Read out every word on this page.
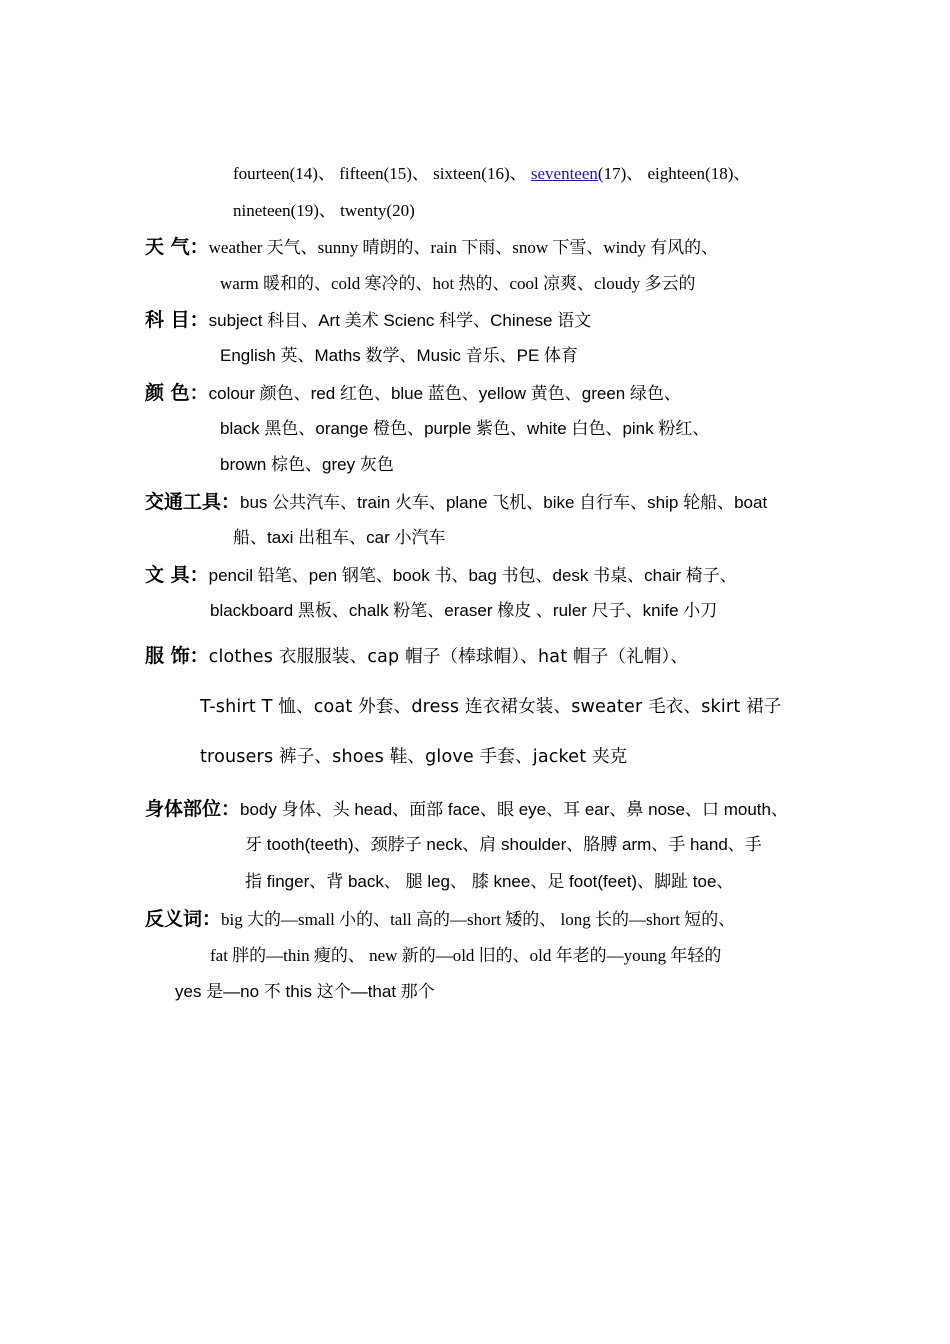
fourteen(14)、 fifteen(15)、 sixteen(16)、 seventeen(17)、 eighteen(18)、
nineteen(19)、 twenty(20)
天 气：weather 天气、sunny 晴朗的、rain 下雨、snow 下雪、windy 有风的、
warm 暖和的、cold 寒冷的、hot 热的、cool 凉爽、cloudy 多云的
科 目：subject 科目、Art 美术 Scienc 科学、Chinese 语文
English 英、Maths 数学、Music 音乐、PE 体育
颜 色：colour 颜色、red 红色、blue 蓝色、yellow 黄色、green 绿色、
black 黑色、orange 橙色、purple 紫色、white 白色、pink 粉红、
brown 棕色、grey 灰色
交通工具：bus 公共汽车、train 火车、plane 飞机、bike 自行车、ship 轮船、boat
船、taxi 出租车、car 小汽车
文 具：pencil 铅笔、pen 钢笔、book 书、bag 书包、desk 书桌、chair 椅子、
blackboard 黑板、chalk 粉笔、eraser 橡皮 、ruler 尺子、knife 小刀
服 饰：clothes 衣服服装、cap 帽子（棒球帽）、hat 帽子（礼帽）、
T-shirt T 恤、coat 外套、dress 连衣裙女装、sweater 毛衣、skirt 裙子
trousers 裤子、shoes 鞋、glove 手套、jacket 夹克
身体部位：body 身体、头 head、面部 face、眼 eye、耳 ear、鼻 nose、口 mouth、
牙 tooth(teeth)、颈脖子 neck、肩 shoulder、胳膊 arm、手 hand、手
指 finger、背 back、 腿 leg、 膝 knee、足 foot(feet)、脚趾 toe、
反义词：big 大的—small 小的、tall 高的—short 矮的、 long 长的—short 短的、
fat 胖的—thin 瘦的、 new 新的—old 旧的、old 年老的—young 年轻的
yes 是—no 不 this 这个—that 那个
